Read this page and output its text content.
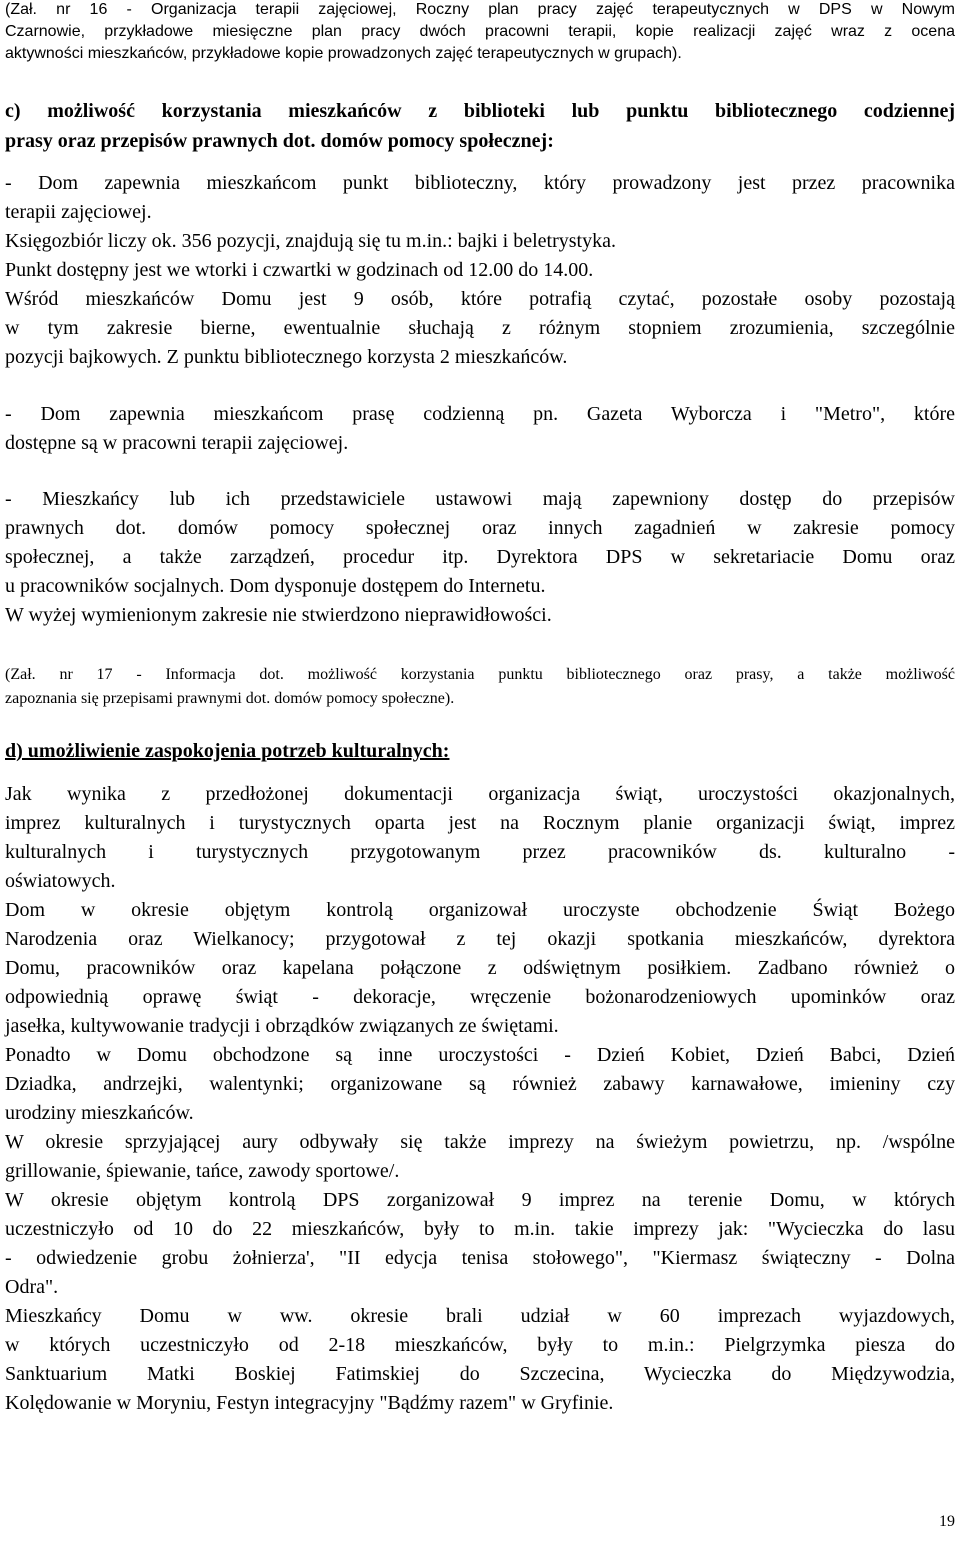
(Zał. nr 16 - Organizacja terapii zajęciowej, Roczny plan pracy zajęć terapeutycznych w DPS w Nowym
Czarnowie, przykładowe miesięczne plan pracy dwóch pracowni terapii, kopie realizacji zajęć wraz z ocena
aktywności mieszkańców, przykładowe kopie prowadzonych zajęć terapeutycznych w grupach).
c) możliwość korzystania mieszkańców z biblioteki lub punktu bibliotecznego codziennej
prasy oraz przepisów prawnych dot. domów pomocy społecznej:
- Dom zapewnia mieszkańcom punkt biblioteczny, który prowadzony jest przez pracownika
terapii zajęciowej.
Księgozbiór liczy ok. 356 pozycji, znajdują się tu m.in.: bajki i beletrystyka.
Punkt dostępny jest we wtorki i czwartki w godzinach od 12.00 do 14.00.
Wśród mieszkańców Domu jest 9 osób, które potrafią czytać, pozostałe osoby pozostają
w tym zakresie bierne, ewentualnie słuchają z różnym stopniem zrozumienia, szczególnie
pozycji bajkowych. Z punktu bibliotecznego korzysta 2 mieszkańców.
- Dom zapewnia mieszkańcom prasę codzienną pn. Gazeta Wyborcza i "Metro", które
dostępne są w pracowni terapii zajęciowej.
- Mieszkańcy lub ich przedstawiciele ustawowi mają zapewniony dostęp do przepisów
prawnych dot. domów pomocy społecznej oraz innych zagadnień w zakresie pomocy
społecznej, a także zarządzeń, procedur itp. Dyrektora DPS w sekretariacie Domu oraz
u pracowników socjalnych. Dom dysponuje dostępem do Internetu.
W wyżej wymienionym zakresie nie stwierdzono nieprawidłowości.
(Zał. nr 17 - Informacja dot. możliwość korzystania punktu bibliotecznego oraz prasy, a także możliwość
zapoznania się przepisami prawnymi dot. domów pomocy społeczne).
d) umożliwienie zaspokojenia potrzeb kulturalnych:
Jak wynika z przedłożonej dokumentacji organizacja świąt, uroczystości okazjonalnych,
imprez kulturalnych i turystycznych oparta jest na Rocznym planie organizacji świąt, imprez
kulturalnych i turystycznych przygotowanym przez pracowników ds. kulturalno -
oświatowych.
Dom w okresie objętym kontrolą organizował uroczyste obchodzenie Świąt Bożego
Narodzenia oraz Wielkanocy; przygotował z tej okazji spotkania mieszkańców, dyrektora
Domu, pracowników oraz kapelana połączone z odświętnym posiłkiem. Zadbano również o
odpowiednią oprawę świąt - dekoracje, wręczenie bożonarodzeniowych upominków oraz
jasełka, kultywowanie tradycji i obrządków związanych ze świętami.
Ponadto w Domu obchodzone są inne uroczystości - Dzień Kobiet, Dzień Babci, Dzień
Dziadka, andrzejki, walentynki; organizowane są również zabawy karnawałowe, imieniny czy
urodziny mieszkańców.
W okresie sprzyjającej aury odbywały się także imprezy na świeżym powietrzu, np. /wspólne
grillowanie, śpiewanie, tańce, zawody sportowe/.
W okresie objętym kontrolą DPS zorganizował 9 imprez na terenie Domu, w których
uczestniczyło od 10 do 22 mieszkańców, były to m.in. takie imprezy jak: "Wycieczka do lasu
- odwiedzenie grobu żołnierza', "II edycja tenisa stołowego", "Kiermasz świąteczny - Dolna
Odra".
Mieszkańcy Domu w ww. okresie brali udział w 60 imprezach wyjazdowych,
w których uczestniczyło od 2-18 mieszkańców, były to m.in.: Pielgrzymka piesza do
Sanktuarium Matki Boskiej Fatimskiej do Szczecina, Wycieczka do Międzywodzia,
Kolędowanie w Moryniu, Festyn integracyjny "Bądźmy razem" w Gryfinie.
19
